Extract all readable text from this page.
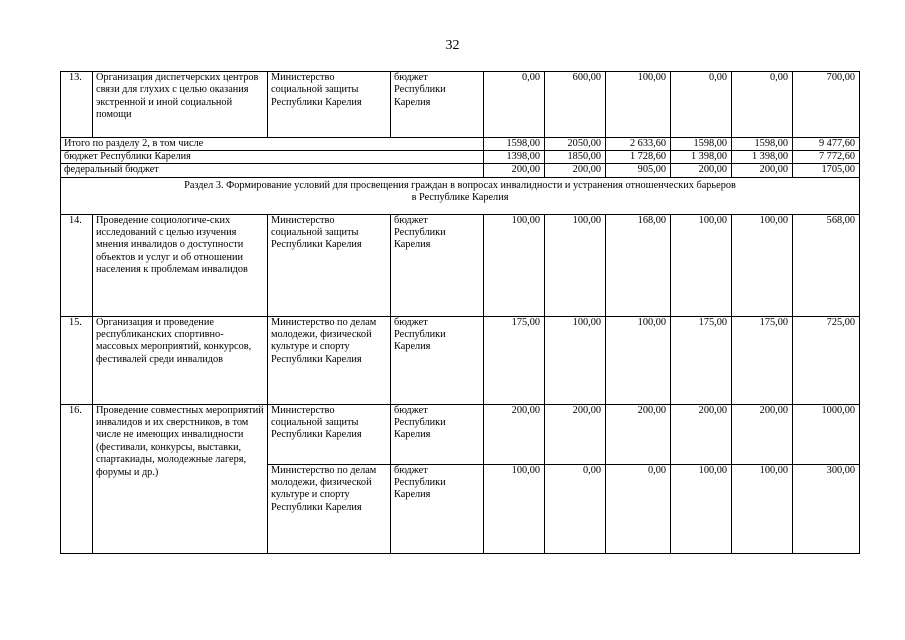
32
13.	Организация диспетчерских центров связи для глухих с целью оказания экстренной и иной социальной помощи	Министерство социальной защиты Республики Карелия	бюджет Республики Карелия	0,00	600,00	100,00	0,00	0,00	700,00
Итого по разделу 2, в том числе				1598,00	2050,00	2 633,60	1598,00	1598,00	9 477,60
бюджет Республики Карелия				1398,00	1850,00	1 728,60	1 398,00	1 398,00	7 772,60
федеральный бюджет				200,00	200,00	905,00	200,00	200,00	1705,00

Раздел 3. Формирование условий для просвещения граждан в вопросах инвалидности и устранения отношенческих барьеров
в Республике Карелия									

14.	Проведение социологиче-ских исследований с целью изучения мнения инвалидов о доступности объектов и услуг и об отношении населения к проблемам инвалидов	Министерство социальной защиты Республики Карелия	бюджет Республики Карелия	100,00	100,00	168,00	100,00	100,00	568,00
15.	Организация и проведение республиканских спортивно-массовых мероприятий, конкурсов, фестивалей среди инвалидов	Министерство по делам молодежи, физической культуре и спорту Республики Карелия	бюджет Республики Карелия	175,00	100,00	100,00	175,00	175,00	725,00
16.	Проведение совместных мероприятий инвалидов и их сверстников, в том числе не имеющих инвалидности (фестивали, конкурсы, выставки, спартакиады, молодежные лагеря, форумы и др.)	Министерство социальной защиты Республики Карелия	бюджет Республики Карелия	200,00	200,00	200,00	200,00	200,00	1000,00
		Министерство по делам молодежи, физической культуре и спорту Республики Карелия	бюджет Республики Карелия	100,00	0,00	0,00	100,00	100,00	300,00
